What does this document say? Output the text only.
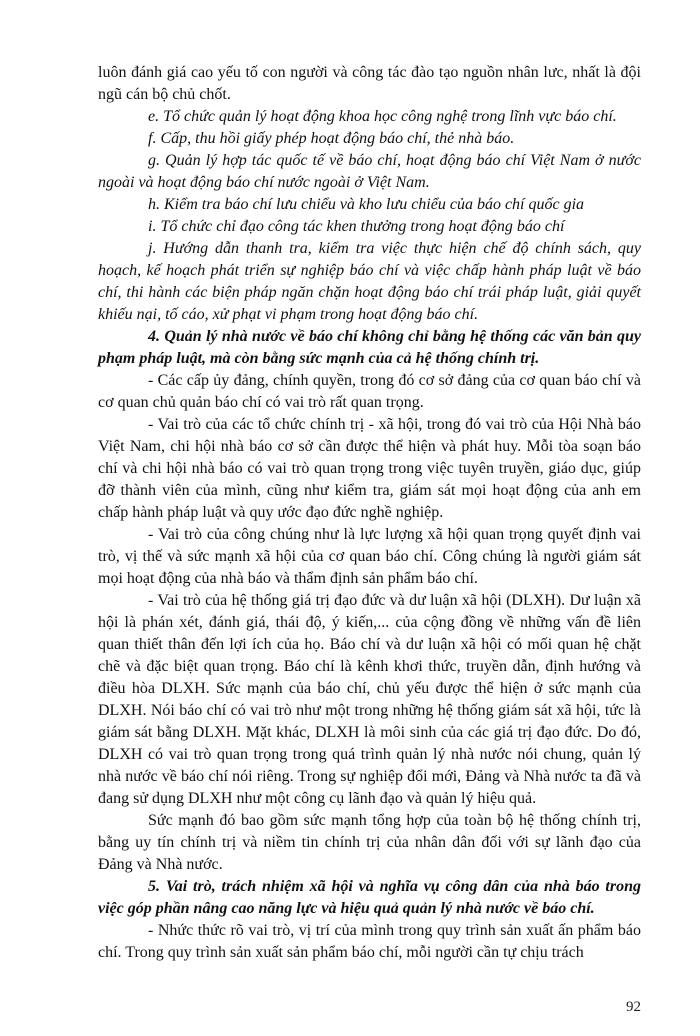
luôn đánh giá cao yếu tố con người và công tác đào tạo nguồn nhân lưc, nhất là đội ngũ cán bộ chủ chốt.

e. Tổ chức quản lý hoạt động khoa học công nghệ trong lĩnh vực báo chí.

f. Cấp, thu hồi giấy phép hoạt động báo chí, thẻ nhà báo.

g. Quản lý hợp tác quốc tế về báo chí, hoạt động báo chí Việt Nam ở nước ngoài và hoạt động báo chí nước ngoài ở Việt Nam.

h. Kiểm tra báo chí lưu chiểu và kho lưu chiểu của báo chí quốc gia

i. Tổ chức chỉ đạo công tác khen thưởng trong hoạt động báo chí

j. Hướng dẫn thanh tra, kiểm tra việc thực hiện chế độ chính sách, quy hoạch, kế hoạch phát triển sự nghiệp báo chí và việc chấp hành pháp luật về báo chí, thi hành các biện pháp ngăn chặn hoạt động báo chí trái pháp luật, giải quyết khiếu nại, tố cáo, xử phạt vi phạm trong hoạt động báo chí.

4. Quản lý nhà nước về báo chí không chỉ bằng hệ thống các văn bản quy phạm pháp luật, mà còn bằng sức mạnh của cả hệ thống chính trị.

- Các cấp ủy đảng, chính quyền, trong đó cơ sở đảng của cơ quan báo chí và cơ quan chủ quản báo chí có vai trò rất quan trọng.

- Vai trò của các tổ chức chính trị - xã hội, trong đó vai trò của Hội Nhà báo Việt Nam, chi hội nhà báo cơ sở cần được thể hiện và phát huy. Mỗi tòa soạn báo chí và chi hội nhà báo có vai trò quan trọng trong việc tuyên truyền, giáo dục, giúp đỡ thành viên của mình, cũng như kiểm tra, giám sát mọi hoạt động của anh em chấp hành pháp luật và quy ước đạo đức nghề nghiệp.

- Vai trò của công chúng như là lực lượng xã hội quan trọng quyết định vai trò, vị thế và sức mạnh xã hội của cơ quan báo chí. Công chúng là người giám sát mọi hoạt động của nhà báo và thẩm định sản phẩm báo chí.

- Vai trò của hệ thống giá trị đạo đức và dư luận xã hội (DLXH). Dư luận xã hội là phán xét, đánh giá, thái độ, ý kiến,... của cộng đồng về những vấn đề liên quan thiết thân đến lợi ích của họ. Báo chí và dư luận xã hội có mối quan hệ chặt chẽ và đặc biệt quan trọng. Báo chí là kênh khơi thức, truyền dẫn, định hướng và điều hòa DLXH. Sức mạnh của báo chí, chủ yếu được thể hiện ở sức mạnh của DLXH. Nói báo chí có vai trò như một trong những hệ thống giám sát xã hội, tức là giám sát bằng DLXH. Mặt khác, DLXH là môi sinh của các giá trị đạo đức. Do đó, DLXH có vai trò quan trọng trong quá trình quản lý nhà nước nói chung, quản lý nhà nước về báo chí nói riêng. Trong sự nghiệp đổi mới, Đảng và Nhà nước ta đã và đang sử dụng DLXH như một công cụ lãnh đạo và quản lý hiệu quả.

Sức mạnh đó bao gồm sức mạnh tổng hợp của toàn bộ hệ thống chính trị, bằng uy tín chính trị và niềm tin chính trị của nhân dân đối với sự lãnh đạo của Đảng và Nhà nước.

5. Vai trò, trách nhiệm xã hội và nghĩa vụ công dân của nhà báo trong việc góp phần nâng cao năng lực và hiệu quả quản lý nhà nước về báo chí.

- Nhức thức rõ vai trò, vị trí của mình trong quy trình sản xuất ấn phẩm báo chí. Trong quy trình sản xuất sản phẩm báo chí, mỗi người cần tự chịu trách

92
